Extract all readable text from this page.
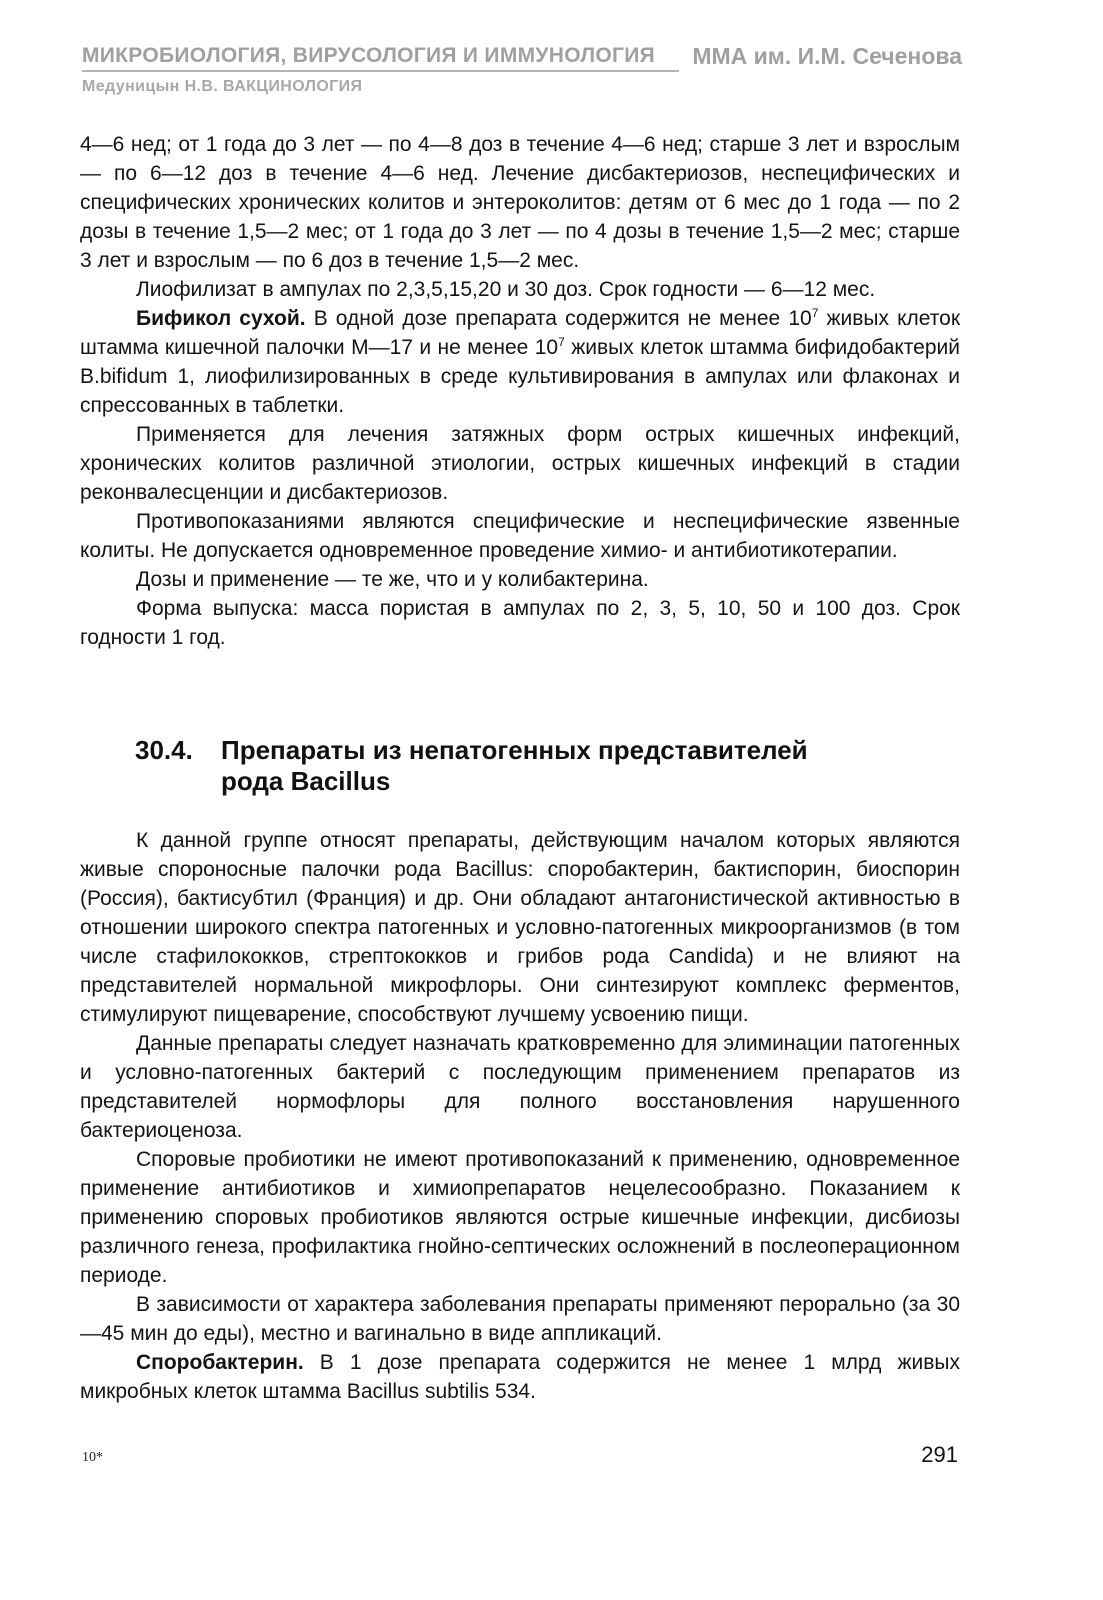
МИКРОБИОЛОГИЯ, ВИРУСОЛОГИЯ И ИММУНОЛОГИЯ ММА им. И.М. Сеченова
Медуницын Н.В. ВАКЦИНОЛОГИЯ

4—6 нед; от 1 года до 3 лет — по 4—8 доз в течение 4—6 нед; старше 3 лет и взрослым — по 6—12 доз в течение 4—6 нед. Лечение дисбактериозов, неспецифических и специфических хронических колитов и энтероколитов: детям от 6 мес до 1 года — по 2 дозы в течение 1,5—2 мес; от 1 года до 3 лет — по 4 дозы в течение 1,5—2 мес; старше 3 лет и взрослым — по 6 доз в течение 1,5—2 мес.

Лиофилизат в ампулах по 2,3,5,15,20 и 30 доз. Срок годности — 6—12 мес.

Бификол сухой. В одной дозе препарата содержится не менее $10^7$ живых клеток штамма кишечной палочки М—17 и не менее $10^7$ живых клеток штамма бифидобактерий B.bifidum 1, лиофилизированных в среде культивирования в ампулах или флаконах и спрессованных в таблетки.

Применяется для лечения затяжных форм острых кишечных инфекций, хронических колитов различной этиологии, острых кишечных инфекций в стадии реконвалесценции и дисбактериозов.

Противопоказаниями являются специфические и неспецифические язвенные колиты. Не допускается одновременное проведение химио- и антибиотикотерапии.

Дозы и применение — те же, что и у колибактерина.

Форма выпуска: масса пористая в ампулах по 2, 3, 5, 10, 50 и 100 доз. Срок годности 1 год.

30.4. Препараты из непатогенных представителей
рода Bacillus

К данной группе относят препараты, действующим началом которых являются живые спороносные палочки рода Bacillus: споробактерин, бактиспорин, биоспорин (Россия), бактисубтил (Франция) и др. Они обладают антагонистической активностью в отношении широкого спектра патогенных и условно-патогенных микроорганизмов (в том числе стафилококков, стрептококков и грибов рода Candida) и не влияют на представителей нормальной микрофлоры. Они синтезируют комплекс ферментов, стимулируют пищеварение, способствуют лучшему усвоению пищи.

Данные препараты следует назначать кратковременно для элиминации патогенных и условно-патогенных бактерий с последующим применением препаратов из представителей нормофлоры для полного восстановления нарушенного бактериоценоза.

Споровые пробиотики не имеют противопоказаний к применению, одновременное применение антибиотиков и химиопрепаратов нецелесообразно. Показанием к применению споровых пробиотиков являются острые кишечные инфекции, дисбиозы различного генеза, профилактика гнойно-септических осложнений в послеоперационном периоде.

В зависимости от характера заболевания препараты применяют перорально (за 30—45 мин до еды), местно и вагинально в виде аппликаций.

Споробактерин. В 1 дозе препарата содержится не менее 1 млрд живых микробных клеток штамма Bacillus subtilis 534.

10*	291
